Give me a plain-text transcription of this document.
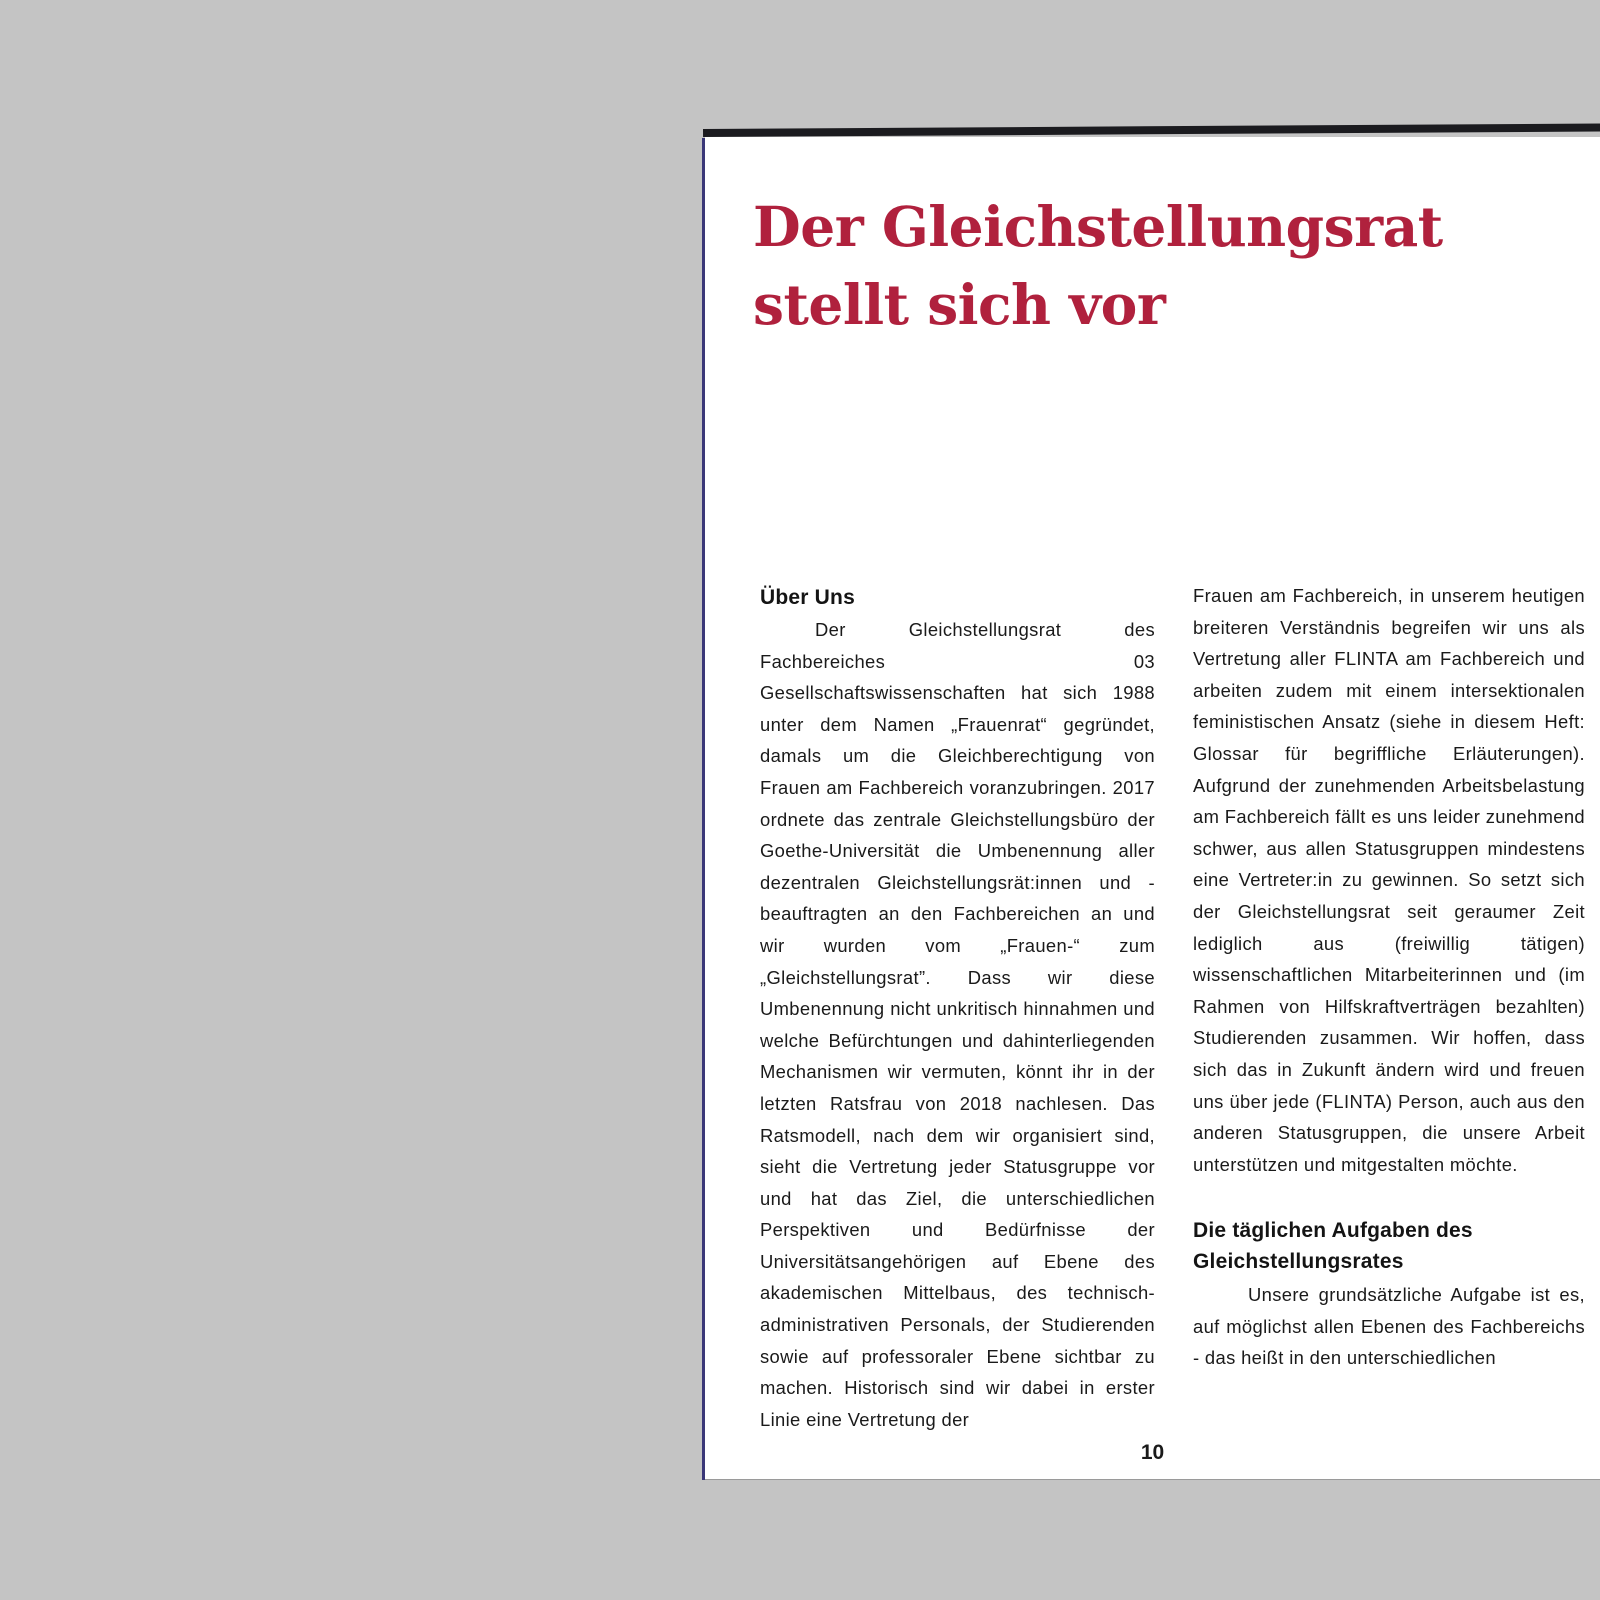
Der Gleichstellungsrat stellt sich vor
Über Uns

Der Gleichstellungsrat des Fachbereiches 03 Gesellschaftswissenschaften hat sich 1988 unter dem Namen „Frauenrat“ gegründet, damals um die Gleichberechtigung von Frauen am Fachbereich voranzubringen. 2017 ordnete das zentrale Gleichstellungsbüro der Goethe-Universität die Umbenennung aller dezentralen Gleichstellungsrät:innen und -beauftragten an den Fachbereichen an und wir wurden vom „Frauen-“ zum „Gleichstellungsrat”. Dass wir diese Umbenennung nicht unkritisch hinnahmen und welche Befürchtungen und dahinterliegenden Mechanismen wir vermuten, könnt ihr in der letzten Ratsfrau von 2018 nachlesen. Das Ratsmodell, nach dem wir organisiert sind, sieht die Vertretung jeder Statusgruppe vor und hat das Ziel, die unterschiedlichen Perspektiven und Bedürfnisse der Universitätsangehörigen auf Ebene des akademischen Mittelbaus, des technisch-administrativen Personals, der Studierenden sowie auf professoraler Ebene sichtbar zu machen. Historisch sind wir dabei in erster Linie eine Vertretung der

Frauen am Fachbereich, in unserem heutigen breiteren Verständnis begreifen wir uns als Vertretung aller FLINTA am Fachbereich und arbeiten zudem mit einem intersektionalen feministischen Ansatz (siehe in diesem Heft: Glossar für begriffliche Erläuterungen). Aufgrund der zunehmenden Arbeitsbelastung am Fachbereich fällt es uns leider zunehmend schwer, aus allen Statusgruppen mindestens eine Vertreter:in zu gewinnen. So setzt sich der Gleichstellungsrat seit geraumer Zeit lediglich aus (freiwillig tätigen) wissenschaftlichen Mitarbeiterinnen und (im Rahmen von Hilfskraftverträgen bezahlten) Studierenden zusammen. Wir hoffen, dass sich das in Zukunft ändern wird und freuen uns über jede (FLINTA) Person, auch aus den anderen Statusgruppen, die unsere Arbeit unterstützen und mitgestalten möchte.

Die täglichen Aufgaben des Gleichstellungsrates

Unsere grundsätzliche Aufgabe ist es, auf möglichst allen Ebenen des Fachbereichs - das heißt in den unterschiedlichen

10
